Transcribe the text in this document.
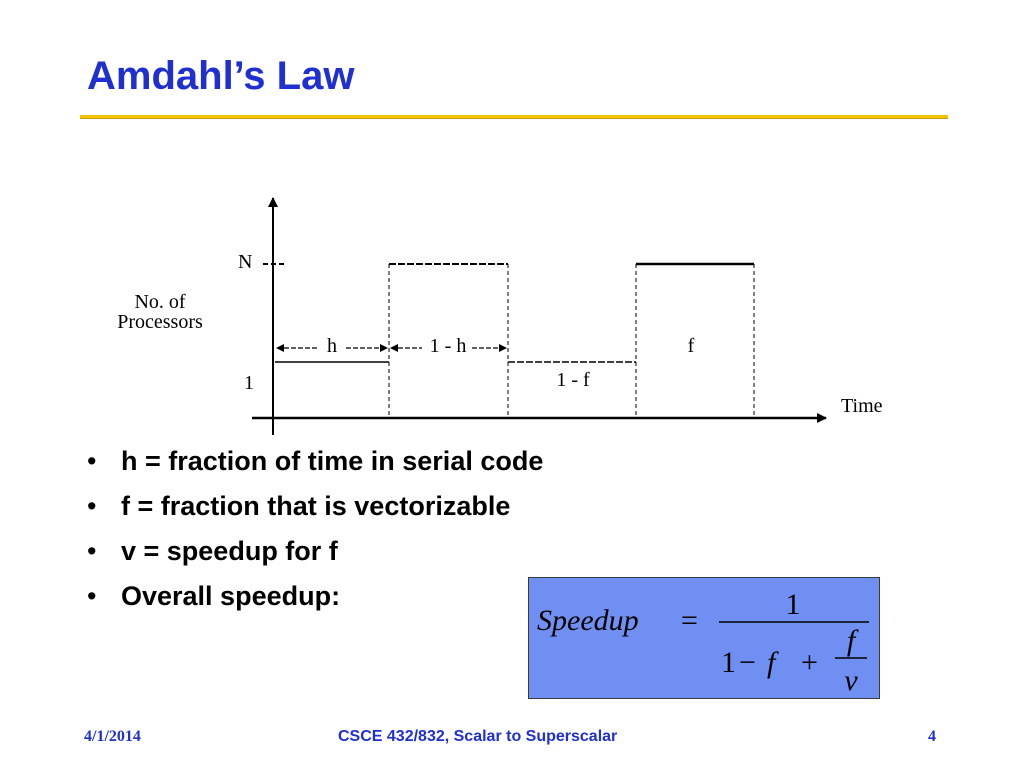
Amdahl’s Law
N
No. of
Processors
1
Time
h	1 - h
1 - f
f
• h = fraction of time in serial code
• f = fraction that is vectorizable
• v = speedup for f
• Overall speedup:
Speedup =	1
1 − f +
f
v
4/1/2014	CSCE 432/832, Scalar to Superscalar	4
